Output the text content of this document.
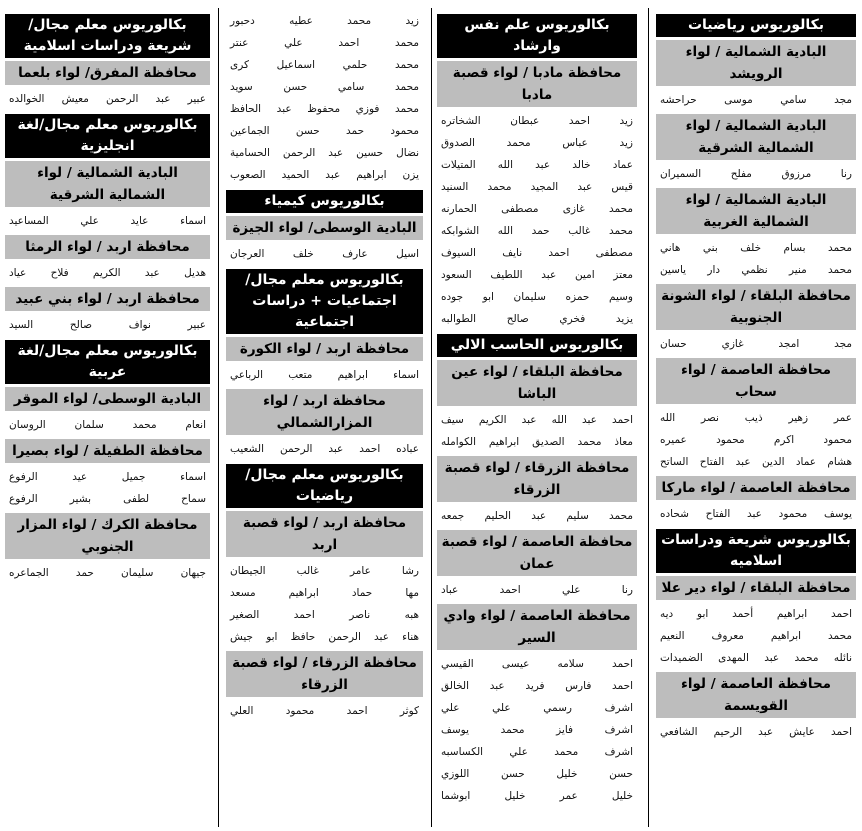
بكالوريوس رياضيات
البادية الشمالية / لواء الرويشد
مجد سامي موسى حراحشه
البادية الشمالية / لواء الشمالية الشرقية
رنا مرزوق مفلح السميران
البادية الشمالية / لواء الشمالية الغربية
محمد بسام خلف بني هاني
محمد منير نظمي دار ياسين
محافظة البلقاء / لواء الشونة الجنوبية
مجد امجد غازي حسان
محافظة العاصمة / لواء سحاب
عمر زهير ذيب نصر الله
محمود اكرم محمود عميره
هشام عماد الدين عبد الفتاح الساتح
محافظة العاصمة / لواء ماركا
يوسف محمود عبد الفتاح شحاده
بكالوريوس شريعة ودراسات اسلاميه
محافظة البلقاء / لواء دير علا
احمد ابراهيم أحمد ابو ديه
محمد ابراهيم معروف النعيم
نائله محمد عبد المهدى الضميدات
محافظة العاصمة / لواء القويسمة
احمد عايش عبد الرحيم الشافعي
بكالوريوس علم نفس وارشاد
محافظة مادبا / لواء قصبة مادبا
زيد احمد عبطان الشخاتره
زيد عباس محمد الصدوق
عماد خالد عبد الله المتيلات
قيس عبد المجيد محمد السنيد
محمد غازى مصطفى الحمارنه
محمد غالب حمد الله الشوابكه
مصطفى احمد نايف السيوف
معتز امين عبد اللطيف السعود
وسيم حمزه سليمان ابو جوده
يزيد فخري صالح الطوالبه
بكالوريوس الحاسب الالي
محافظة البلقاء / لواء عين الباشا
احمد عبد الله عبد الكريم سيف
معاذ محمد الصديق ابراهيم الكوامله
محافظة الزرقاء / لواء قصبة الزرقاء
محمد سليم عبد الحليم جمعه
محافظة العاصمة / لواء قصبة عمان
رنا علي احمد عباد
محافظة العاصمة / لواء وادي السير
احمد سلامه عيسى القيسي
احمد فارس فريد عبد الخالق
اشرف رسمي علي علي
اشرف فايز محمد يوسف
اشرف محمد علي الكساسبه
حسن خليل حسن اللوزي
خليل عمر خليل ابوشما
زيد محمد عطيه دحبور
محمد احمد علي عنتر
محمد حلمي اسماعيل كرى
محمد سامي حسن سويد
محمد فوزي محفوظ عبد الحافظ
محمود حمد حسن الجماعين
نضال حسين عبد الرحمن الحسامية
يزن ابراهيم عبد الحميد الصعوب
بكالوريوس كيمياء
البادية الوسطى/ لواء الجيزة
اسيل عارف خلف العرجان
بكالوريوس معلم مجال/ اجتماعيات + دراسات اجتماعية
محافظة اربد / لواء الكورة
اسماء ابراهيم متعب الرباعي
محافظة اربد / لواء المزارالشمالي
عباده احمد عبد الرحمن الشعيب
بكالوريوس معلم مجال/ رياضيات
محافظة اربد / لواء قصبة اربد
رشا عامر غالب الجيطان
مها حماد ابراهيم مسعد
هبه ناصر احمد الصغير
هناء عبد الرحمن حافظ ابو جيش
محافظة الزرقاء / لواء قصبة الزرقاء
كوثر احمد محمود العلي
بكالوريوس معلم مجال/شريعة ودراسات اسلامية
محافظة المفرق/ لواء بلعما
عبير عبد الرحمن معيش الخوالده
بكالوريوس معلم مجال/لغة انجليزية
البادية الشمالية / لواء الشمالية الشرقية
اسماء عايد علي المساعيد
محافظة اربد / لواء الرمثا
هديل عبد الكريم فلاح عياد
محافظة اربد / لواء بني عبيد
عبير نواف صالح السيد
بكالوريوس معلم مجال/لغة عربية
البادية الوسطى/ لواء الموقر
انعام محمد سلمان الروسان
محافظة الطفيلة / لواء بصيرا
اسماء جميل عيد الرفوع
سماح لطفى بشير الرفوع
محافظة الكرك / لواء المزار الجنوبي
جيهان سليمان حمد الجماعره
